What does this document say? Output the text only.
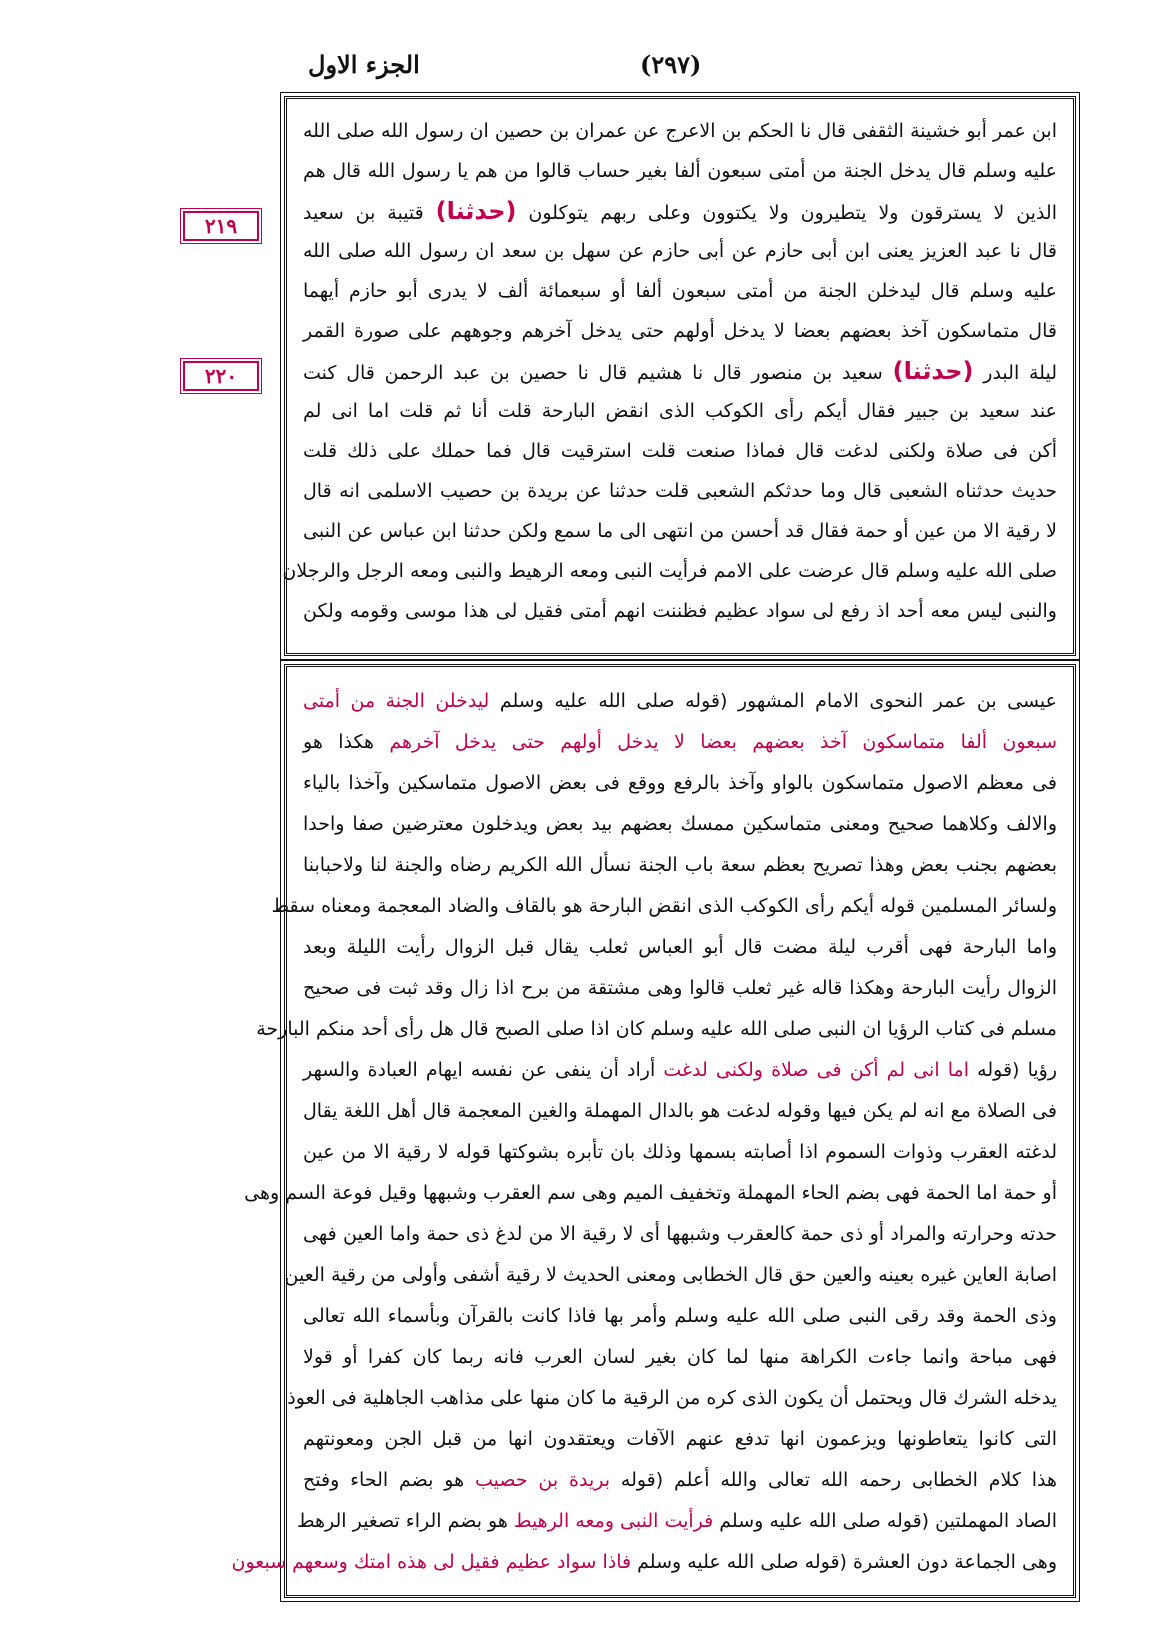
الجزء الاول	(٢٩٧)
٢١٩
٢٢٠
ابن عمر أبو خشينة الثقفى قال نا الحكم بن الاعرج عن عمران بن حصين ان رسول الله صلى الله
عليه وسلم قال يدخل الجنة من أمتى سبعون ألفا بغير حساب قالوا من هم يا رسول الله قال هم
الذين لا يسترقون ولا يتطيرون ولا يكتوون وعلى ربهم يتوكلون (حدثنا) قتيبة بن سعيد
قال نا عبد العزيز يعنى ابن أبى حازم عن أبى حازم عن سهل بن سعد ان رسول الله صلى الله
عليه وسلم قال ليدخلن الجنة من أمتى سبعون ألفا أو سبعمائة ألف لا يدرى أبو حازم أيهما
قال متماسكون آخذ بعضهم بعضا لا يدخل أولهم حتى يدخل آخرهم وجوههم على صورة القمر
ليلة البدر (حدثنا) سعيد بن منصور قال نا هشيم قال نا حصين بن عبد الرحمن قال كنت
عند سعيد بن جبير فقال أيكم رأى الكوكب الذى انقض البارحة قلت أنا ثم قلت اما انى لم
أكن فى صلاة ولكنى لدغت قال فماذا صنعت قلت استرقيت قال فما حملك على ذلك قلت
حديث حدثناه الشعبى قال وما حدثكم الشعبى قلت حدثنا عن بريدة بن حصيب الاسلمى انه قال
لا رقية الا من عين أو حمة فقال قد أحسن من انتهى الى ما سمع ولكن حدثنا ابن عباس عن النبى
صلى الله عليه وسلم قال عرضت على الامم فرأيت النبى ومعه الرهيط والنبى ومعه الرجل والرجلان
والنبى ليس معه أحد اذ رفع لى سواد عظيم فظننت انهم أمتى فقيل لى هذا موسى وقومه ولكن
عيسى بن عمر النحوى الامام المشهور (قوله صلى الله عليه وسلم ليدخلن الجنة من أمتى
سبعون ألفا متماسكون آخذ بعضهم بعضا لا يدخل أولهم حتى يدخل آخرهم هكذا هو
فى معظم الاصول متماسكون بالواو وآخذ بالرفع ووقع فى بعض الاصول متماسكين وآخذا بالياء
والالف وكلاهما صحيح ومعنى متماسكين ممسك بعضهم بيد بعض ويدخلون معترضين صفا واحدا
بعضهم بجنب بعض وهذا تصريح بعظم سعة باب الجنة نسأل الله الكريم رضاه والجنة لنا ولاحبابنا
ولسائر المسلمين قوله أيكم رأى الكوكب الذى انقض البارحة هو بالقاف والضاد المعجمة ومعناه سقط
واما البارحة فهى أقرب ليلة مضت قال أبو العباس ثعلب يقال قبل الزوال رأيت الليلة وبعد
الزوال رأيت البارحة وهكذا قاله غير ثعلب قالوا وهى مشتقة من برح اذا زال وقد ثبت فى صحيح
مسلم فى كتاب الرؤيا ان النبى صلى الله عليه وسلم كان اذا صلى الصبح قال هل رأى أحد منكم البارحة
رؤيا (قوله اما انى لم أكن فى صلاة ولكنى لدغت أراد أن ينفى عن نفسه ايهام العبادة والسهر
فى الصلاة مع انه لم يكن فيها وقوله لدغت هو بالدال المهملة والغين المعجمة قال أهل اللغة يقال
لدغته العقرب وذوات السموم اذا أصابته بسمها وذلك بان تأبره بشوكتها قوله لا رقية الا من عين
أو حمة اما الحمة فهى بضم الحاء المهملة وتخفيف الميم وهى سم العقرب وشبهها وقيل فوعة السم وهى
حدته وحرارته والمراد أو ذى حمة كالعقرب وشبهها أى لا رقية الا من لدغ ذى حمة واما العين فهى
اصابة العاين غيره بعينه والعين حق قال الخطابى ومعنى الحديث لا رقية أشفى وأولى من رقية العين
وذى الحمة وقد رقى النبى صلى الله عليه وسلم وأمر بها فاذا كانت بالقرآن وبأسماء الله تعالى
فهى مباحة وانما جاءت الكراهة منها لما كان بغير لسان العرب فانه ربما كان كفرا أو قولا
يدخله الشرك قال ويحتمل أن يكون الذى كره من الرقية ما كان منها على مذاهب الجاهلية فى العوذ
التى كانوا يتعاطونها ويزعمون انها تدفع عنهم الآفات ويعتقدون انها من قبل الجن ومعونتهم
هذا كلام الخطابى رحمه الله تعالى والله أعلم (قوله بريدة بن حصيب هو بضم الحاء وفتح
الصاد المهملتين (قوله صلى الله عليه وسلم فرأيت النبى ومعه الرهيط هو بضم الراء تصغير الرهط
وهى الجماعة دون العشرة (قوله صلى الله عليه وسلم فاذا سواد عظيم فقيل لى هذه امتك وسعهم سبعون
